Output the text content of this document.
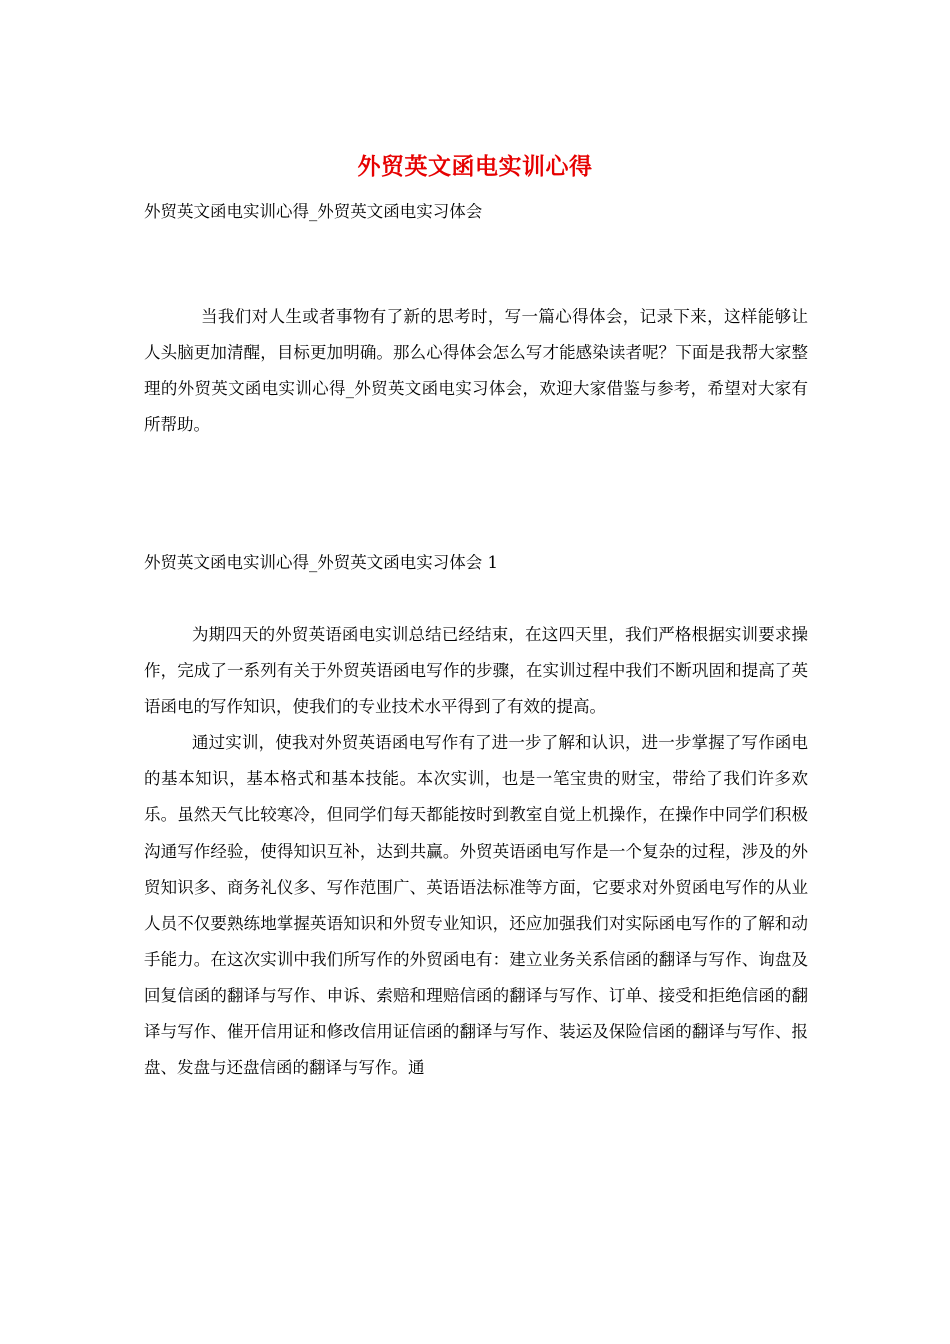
外贸英文函电实训心得
外贸英文函电实训心得_外贸英文函电实习体会

当我们对人生或者事物有了新的思考时，写一篇心得体会，记录下来，这样能够让人头脑更加清醒，目标更加明确。那么心得体会怎么写才能感染读者呢？下面是我帮大家整理的外贸英文函电实训心得_外贸英文函电实习体会，欢迎大家借鉴与参考，希望对大家有所帮助。

外贸英文函电实训心得_外贸英文函电实习体会 1

为期四天的外贸英语函电实训总结已经结束，在这四天里，我们严格根据实训要求操作，完成了一系列有关于外贸英语函电写作的步骤，在实训过程中我们不断巩固和提高了英语函电的写作知识，使我们的专业技术水平得到了有效的提高。

通过实训，使我对外贸英语函电写作有了进一步了解和认识，进一步掌握了写作函电的基本知识，基本格式和基本技能。本次实训，也是一笔宝贵的财宝，带给了我们许多欢乐。虽然天气比较寒冷，但同学们每天都能按时到教室自觉上机操作，在操作中同学们积极沟通写作经验，使得知识互补，达到共赢。外贸英语函电写作是一个复杂的过程，涉及的外贸知识多、商务礼仪多、写作范围广、英语语法标准等方面，它要求对外贸函电写作的从业人员不仅要熟练地掌握英语知识和外贸专业知识，还应加强我们对实际函电写作的了解和动手能力。在这次实训中我们所写作的外贸函电有：建立业务关系信函的翻译与写作、询盘及回复信函的翻译与写作、申诉、索赔和理赔信函的翻译与写作、订单、接受和拒绝信函的翻译与写作、催开信用证和修改信用证信函的翻译与写作、装运及保险信函的翻译与写作、报盘、发盘与还盘信函的翻译与写作。通
